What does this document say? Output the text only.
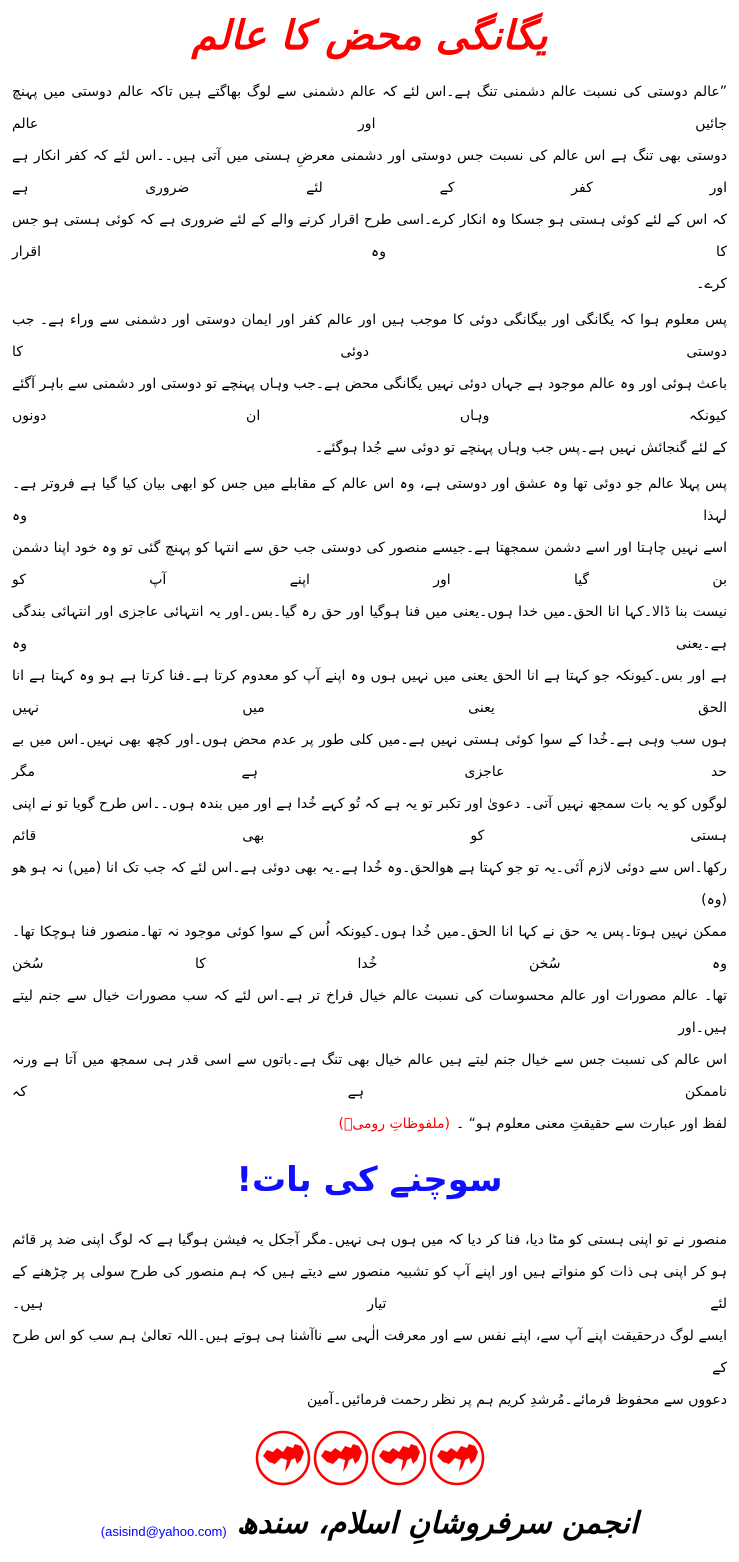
یگانگی محض کا عالم
”عالم دوستی کی نسبت عالم دشمنی تنگ ہے۔اس لئے کہ عالم دشمنی سے لوگ بھاگتے ہیں تاکہ عالم دوستی میں پہنچ جائیں اور عالم
دوستی بھی تنگ ہے اس عالم کی نسبت جس دوستی اور دشمنی معرضِ ہستی میں آتی ہیں۔۔اس لئے کہ کفر انکار ہے اور کفر کے لئے ضروری ہے
کہ اس کے لئے کوئی ہستی ہو جسکا وہ انکار کرے۔اسی طرح اقرار کرنے والے کے لئے ضروری ہے کہ کوئی ہستی ہو جس کا وہ اقرار
کرے۔
پس معلوم ہوا کہ یگانگی اور بیگانگی دوئی کا موجب ہیں اور عالم کفر اور ایمان دوستی اور دشمنی سے وراء ہے۔ جب دوستی دوئی کا
باعث ہوئی اور وہ عالم موجود ہے جہاں دوئی نہیں یگانگی محض ہے۔جب وہاں پہنچے تو دوستی اور دشمنی سے باہر آگئے کیونکہ وہاں ان دونوں
کے لئے گنجائش نہیں ہے۔پس جب وہاں پہنچے تو دوئی سے جُدا ہوگئے۔
پس پہلا عالم جو دوئی تھا وہ عشق اور دوستی ہے، وہ اس عالم کے مقابلے میں جس کو ابھی بیان کیا گیا ہے فروتر ہے۔لہذا وہ
اسے نہیں چاہتا اور اسے دشمن سمجھتا ہے۔جیسے منصور کی دوستی جب حق سے انتہا کو پہنچ گئی تو وہ خود اپنا دشمن بن گیا اور اپنے آپ کو
نیست بنا ڈالا۔کہا انا الحق۔میں خدا ہوں۔یعنی میں فنا ہوگیا اور حق رہ گیا۔بس۔اور یہ انتہائی عاجزی اور انتہائی بندگی ہے۔یعنی وہ
ہے اور بس۔کیونکہ جو کہتا ہے انا الحق یعنی میں نہیں ہوں وہ اپنے آپ کو معدوم کرتا ہے۔فنا کرتا ہے ہو وہ کہتا ہے انا الحق یعنی میں نہیں
ہوں سب وہی ہے۔خُدا کے سوا کوئی ہستی نہیں ہے۔میں کلی طور پر عدم محض ہوں۔اور کچھ بھی نہیں۔اس میں بے حد عاجزی ہے مگر
لوگوں کو یہ بات سمجھ نہیں آتی۔ دعویٰ اور تکبر تو یہ ہے کہ تُو کہے خُدا ہے اور میں بندہ ہوں۔۔اس طرح گویا تو نے اپنی ہستی کو بھی قائم
رکھا۔اس سے دوئی لازم آئی۔یہ تو جو کہتا ہے ھوالحق۔وہ خُدا ہے۔یہ بھی دوئی ہے۔اس لئے کہ جب تک انا (میں) نہ ہو ھو (وہ)
ممکن نہیں ہوتا۔پس یہ حق نے کہا انا الحق۔میں خُدا ہوں۔کیونکہ اُس کے سوا کوئی موجود نہ تھا۔منصور فنا ہوچکا تھا۔وہ سُخن خُدا کا سُخن
تھا۔ عالم مصورات اور عالم محسوسات کی نسبت عالم خیال فراخ تر ہے۔اس لئے کہ سب مصورات خیال سے جنم لیتے ہیں۔اور
اس عالم کی نسبت جس سے خیال جنم لیتے ہیں عالم خیال بھی تنگ ہے۔باتوں سے اسی قدر ہی سمجھ میں آتا ہے ورنہ ناممکن ہے کہ
لفظ اور عبارت سے حقیقتِ معنی معلوم ہو“ ۔(ملفوظاتِ رومیؒ)
سوچنے کی بات!
منصور نے تو اپنی ہستی کو مٹا دیا، فنا کر دیا کہ میں ہوں ہی نہیں۔مگر آجکل یہ فیشن ہوگیا ہے کہ لوگ اپنی ضد پر قائم
ہو کر اپنی ہی ذات کو منواتے ہیں اور اپنے آپ کو تشبیہ منصور سے دیتے ہیں کہ ہم منصور کی طرح سولی پر چڑھنے کے لئے تیار ہیں۔
ایسے لوگ درحقیقت اپنے آپ سے، اپنے نفس سے اور معرفت الٰہی سے ناآشنا ہی ہوتے ہیں۔اللہ تعالیٰ ہم سب کو اس طرح کے
دعووں سے محفوظ فرمائے۔مُرشدِ کریم ہم پر نظر رحمت فرمائیں۔آمین
(asisind@yahoo.com) انجمن سرفروشانِ اسلام، سندھ
